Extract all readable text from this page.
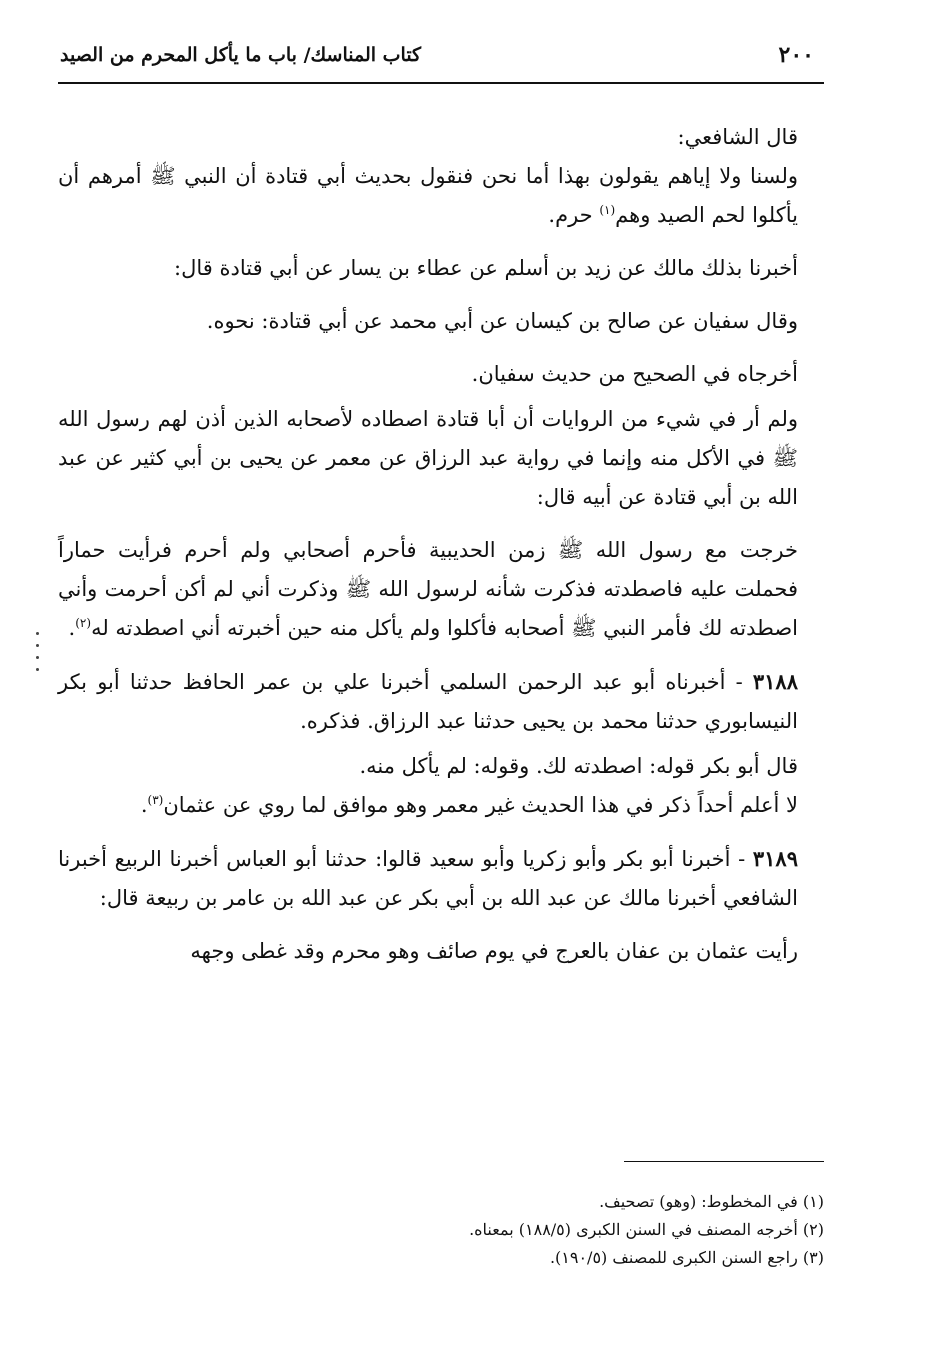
٢٠٠
كتاب المناسك/ باب ما يأكل المحرم من الصيد

قال الشافعي:

ولسنا ولا إياهم يقولون بهذا أما نحن فنقول بحديث أبي قتادة أن النبي ﷺ أمرهم أن يأكلوا لحم الصيد وهم$^{(١)}$ حرم.

أخبرنا بذلك مالك عن زيد بن أسلم عن عطاء بن يسار عن أبي قتادة قال:

وقال سفيان عن صالح بن كيسان عن أبي محمد عن أبي قتادة: نحوه.

أخرجاه في الصحيح من حديث سفيان.

ولم أر في شيء من الروايات أن أبا قتادة اصطاده لأصحابه الذين أذن لهم رسول الله ﷺ في الأكل منه وإنما في رواية عبد الرزاق عن معمر عن يحيى بن أبي كثير عن عبد الله بن أبي قتادة عن أبيه قال:

خرجت مع رسول الله ﷺ زمن الحديبية فأحرم أصحابي ولم أحرم فرأيت حماراً فحملت عليه فاصطدته فذكرت شأنه لرسول الله ﷺ وذكرت أني لم أكن أحرمت وأني اصطدته لك فأمر النبي ﷺ أصحابه فأكلوا ولم يأكل منه حين أخبرته أني اصطدته له$^{(٢)}$.

٣١٨٨ - أخبرناه أبو عبد الرحمن السلمي أخبرنا علي بن عمر الحافظ حدثنا أبو بكر النيسابوري حدثنا محمد بن يحيى حدثنا عبد الرزاق. فذكره.

قال أبو بكر قوله: اصطدته لك. وقوله: لم يأكل منه.

لا أعلم أحداً ذكر في هذا الحديث غير معمر وهو موافق لما روي عن عثمان$^{(٣)}$.

٣١٨٩ - أخبرنا أبو بكر وأبو زكريا وأبو سعيد قالوا: حدثنا أبو العباس أخبرنا الربيع أخبرنا الشافعي أخبرنا مالك عن عبد الله بن أبي بكر عن عبد الله بن عامر بن ربيعة قال:

رأيت عثمان بن عفان بالعرج في يوم صائف وهو محرم وقد غطى وجهه

(١) في المخطوط: (وهو) تصحيف.

(٢) أخرجه المصنف في السنن الكبرى (١٨٨/٥) بمعناه.

(٣) راجع السنن الكبرى للمصنف (١٩٠/٥).
